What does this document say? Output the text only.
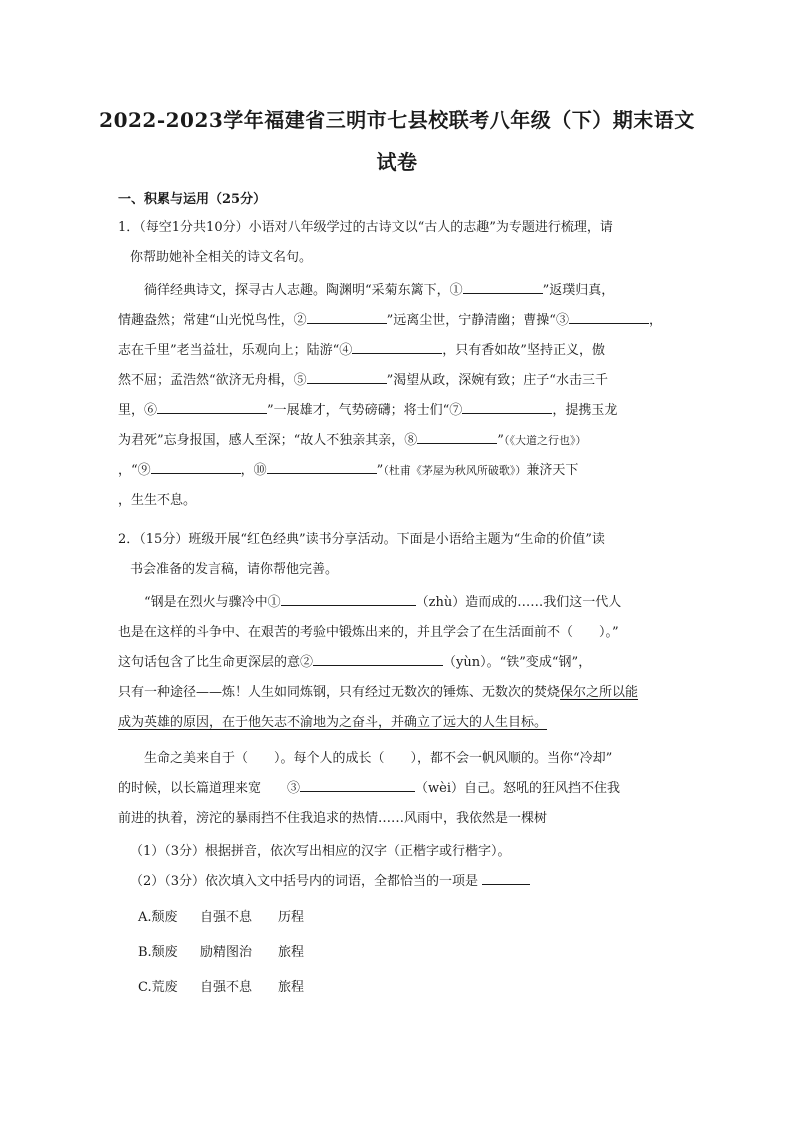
2022-2023学年福建省三明市七县校联考八年级（下）期末语文
试卷
一、积累与运用（25分）
1．（每空1分共10分）小语对八年级学过的古诗文以“古人的志趣”为专题进行梳理，请
你帮助她补全相关的诗文名句。
徜徉经典诗文，探寻古人志趣。陶渊明“采菊东篱下，①	”返璞归真，
情趣盎然；常建“山光悦鸟性，②	”远离尘世，宁静清幽；曹操“③	，
志在千里”老当益壮，乐观向上；陆游“④	，只有香如故”坚持正义，傲
然不屈；孟浩然“欲济无舟楫，⑤	”渴望从政，深婉有致；庄子“水击三千
里，⑥	”一展雄才，气势磅礴；将士们“⑦	，提携玉龙
为君死”忘身报国，感人至深；“故人不独亲其亲，⑧	”（《大道之行也》）
，“⑨	，⑩	”（杜甫《茅屋为秋风所破歌》）兼济天下
，生生不息。
2．（15分）班级开展“红色经典”读书分享活动。下面是小语给主题为“生命的价值”读
书会准备的发言稿，请你帮他完善。
“钢是在烈火与骤冷中①	（zhù）造而成的……我们这一代人
也是在这样的斗争中、在艰苦的考验中锻炼出来的，并且学会了在生活面前不（　　）。”
这句话包含了比生命更深层的意②	（yùn）。“铁”变成“钢”，
只有一种途径——炼！人生如同炼钢，只有经过无数次的锤炼、无数次的焚烧保尔之所以能
成为英雄的原因，在于他矢志不渝地为之奋斗，并确立了远大的人生目标。
生命之美来自于（　　）。每个人的成长（　　），都不会一帆风顺的。当你“冷却”
的时候，以长篇道理来宽　　③	（wèi）自己。怒吼的狂风挡不住我
前进的执着，滂沱的暴雨挡不住我追求的热情……风雨中，我依然是一棵树
（1）（3分）根据拼音，依次写出相应的汉字（正楷字或行楷字）。
（2）（3分）依次填入文中括号内的词语，全都恰当的一项是
A.颓废 自强不息 历程
B.颓废 励精图治 旅程
C.荒废 自强不息 旅程
